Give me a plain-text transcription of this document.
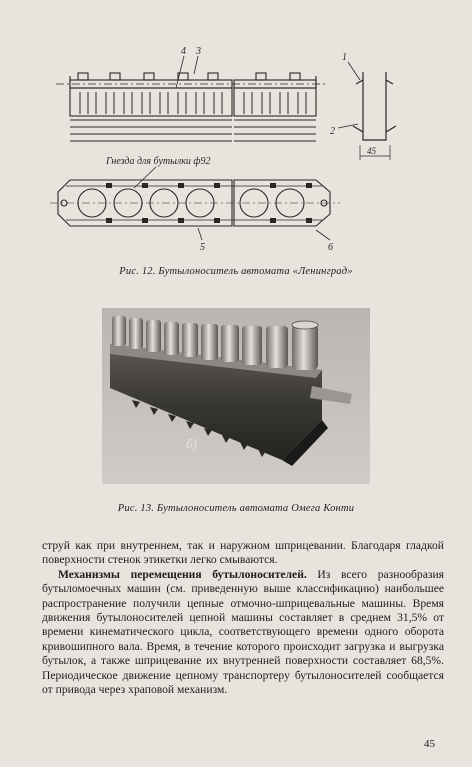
4 3
1
2
45
Гнезда для бутылки ф92
5	6
Рис. 12. Бутылоноситель автомата «Ленинград»
б)
Рис. 13. Бутылоноситель автомата Омега Конти

струй как при внутреннем, так и наружном шприцевании. Благодаря гладкой поверхности стенок этикетки легко смываются.

Механизмы перемещения бутылоносителей. Из всего разнообразия бутыломоечных машин (см. приведенную выше классификацию) наибольшее распространение получили цепные отмочно-шприцевальные машины. Время движения бутылоносителей цепной машины составляет в среднем 31,5% от времени кинематического цикла, соответствующего времени одного оборота кривошипного вала. Время, в течение которого происходит загрузка и выгрузка бутылок, а также шприцевание их внутренней поверхности составляет 68,5%. Периодическое движение цепному транспортеру бутылоносителей сообщается от привода через храповой механизм.

45
